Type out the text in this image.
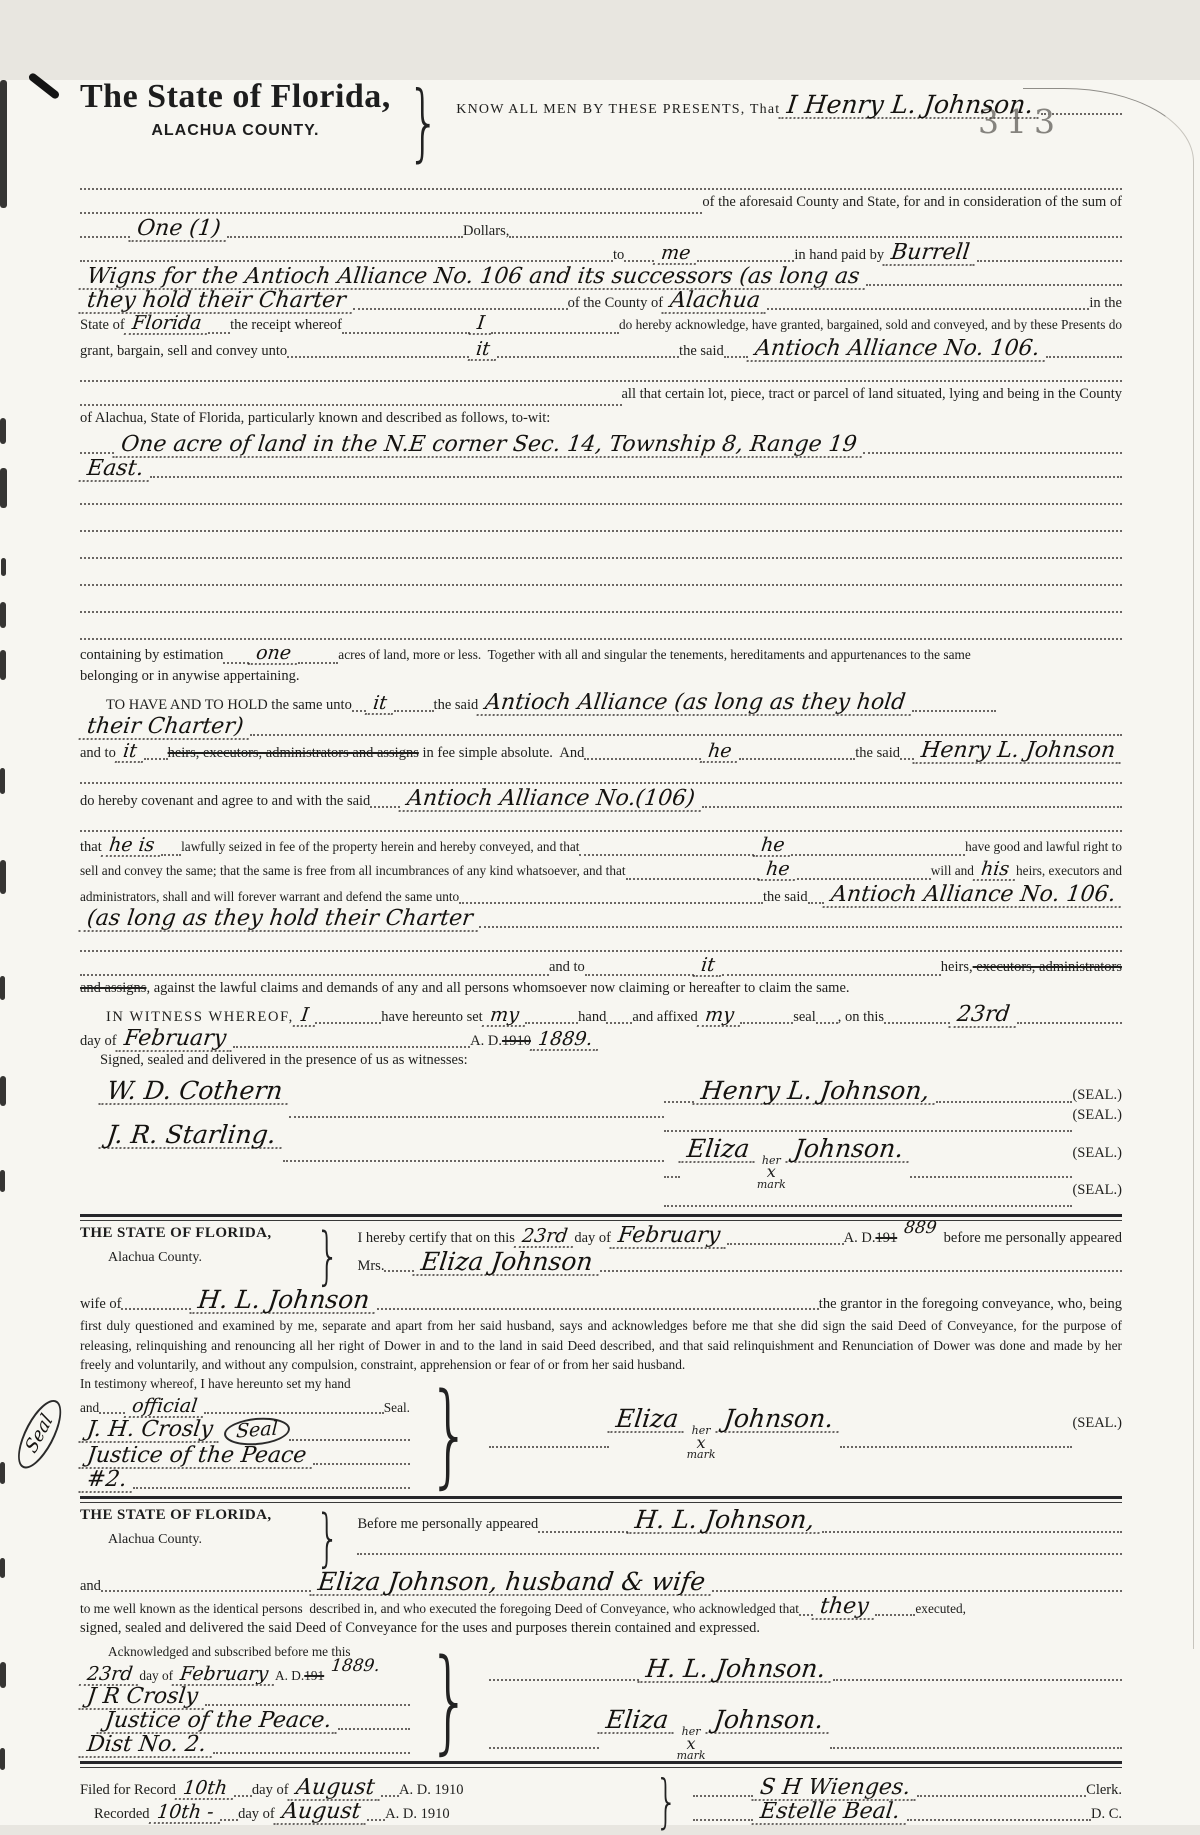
313
The State of Florida,
ALACHUA COUNTY.	} KNOW ALL MEN BY THESE PRESENTS, That I Henry L. Johnson.
of the aforesaid County and State, for and in consideration of the sum of
One (1)	Dollars,
to	me	in hand paid by Burrell
Wigns for the Antioch Alliance No. 106 and its successors (as long as
they hold their Charter	of the County of Alachua	in the
State of Florida	the receipt whereof	I	do hereby acknowledge, have granted, bargained, sold and conveyed, and by these Presents do
grant, bargain, sell and convey unto	it	the said	Antioch Alliance No. 106.
all that certain lot, piece, tract or parcel of land situated, lying and being in the County
of Alachua, State of Florida, particularly known and described as follows, to-wit:
One acre of land in the N.E corner Sec. 14, Township 8, Range 19
East.
containing by estimation	one	acres of land, more or less.  Together with all and singular the tenements, hereditaments and appurtenances to the same
belonging or in anywise appertaining.
TO HAVE AND TO HOLD the same unto	it	the said Antioch Alliance (as long as they hold
their Charter)
and to it	heirs, executors, administrators and assigns in fee simple absolute.  And	he	the said Henry L. Johnson
do hereby covenant and agree to and with the said	Antioch Alliance No.(106)
that he is	lawfully seized in fee of the property herein and hereby conveyed, and that	he	have good and lawful right to
sell and convey the same; that the same is free from all incumbrances of any kind whatsoever, and that	he	will and his heirs, executors and
administrators, shall and will forever warrant and defend the same unto	the said Antioch Alliance No. 106.
(as long as they hold their Charter
and to	it	heirs, executors, administrators
and assigns , against the lawful claims and demands of any and all persons whomsoever now claiming or hereafter to claim the same.
IN WITNESS WHEREOF, I	have hereunto set my	hand and affixed my	seal , on this	23rd
day of February	A. D. 1910 1889.
Signed, sealed and delivered in the presence of us as witnesses:
W. D. Cothern
J. R. Starling.
Henry L. Johnson,	(SEAL.)
(SEAL.)
Eliza	her
x
mark
Johnson.	(SEAL.)
(SEAL.)
THE STATE OF FLORIDA,
Alachua County.	} I hereby certify that on this 23rd day of February	A. D. 191 889 before me personally appeared
Mrs. Eliza Johnson
wife of	H. L. Johnson	the grantor in the foregoing conveyance, who, being
first duly questioned and examined by me, separate and apart from her said husband, says and acknowledges before me that she did sign the said Deed of Conveyance, for the purpose of releasing, relinquishing and renouncing all her right of Dower in and to the land in said Deed described, and that said relinquishment and Renunciation of Dower was done and made by her freely and voluntarily, and without any compulsion, constraint, apprehension or fear of or from her said husband.
In testimony whereof, I have hereunto set my hand
and	official	Seal.
J. H. Crosly	Seal
Justice of the Peace
#2.	}	Eliza	her
x
mark
Johnson.	(SEAL.)
Seal
THE STATE OF FLORIDA,
Alachua County.	} Before me personally appeared	H. L. Johnson,
and	Eliza Johnson, husband & wife
to me well known as the identical persons  described in, and who executed the foregoing Deed of Conveyance, who acknowledged that they	executed,
signed, sealed and delivered the said Deed of Conveyance for the uses and purposes therein contained and expressed.
Acknowledged and subscribed before me this
23rd day of February A. D. 191 1889.
J R Crosly
Justice of the Peace.
Dist No. 2. }	H. L. Johnson.
Eliza	her
x
mark
Johnson.
Filed for Record 10th	day of August	A. D. 1910
Recorded 10th -	day of August	A. D. 1910	}	S H Wienges.	Clerk.
Estelle Beal.	D. C.
